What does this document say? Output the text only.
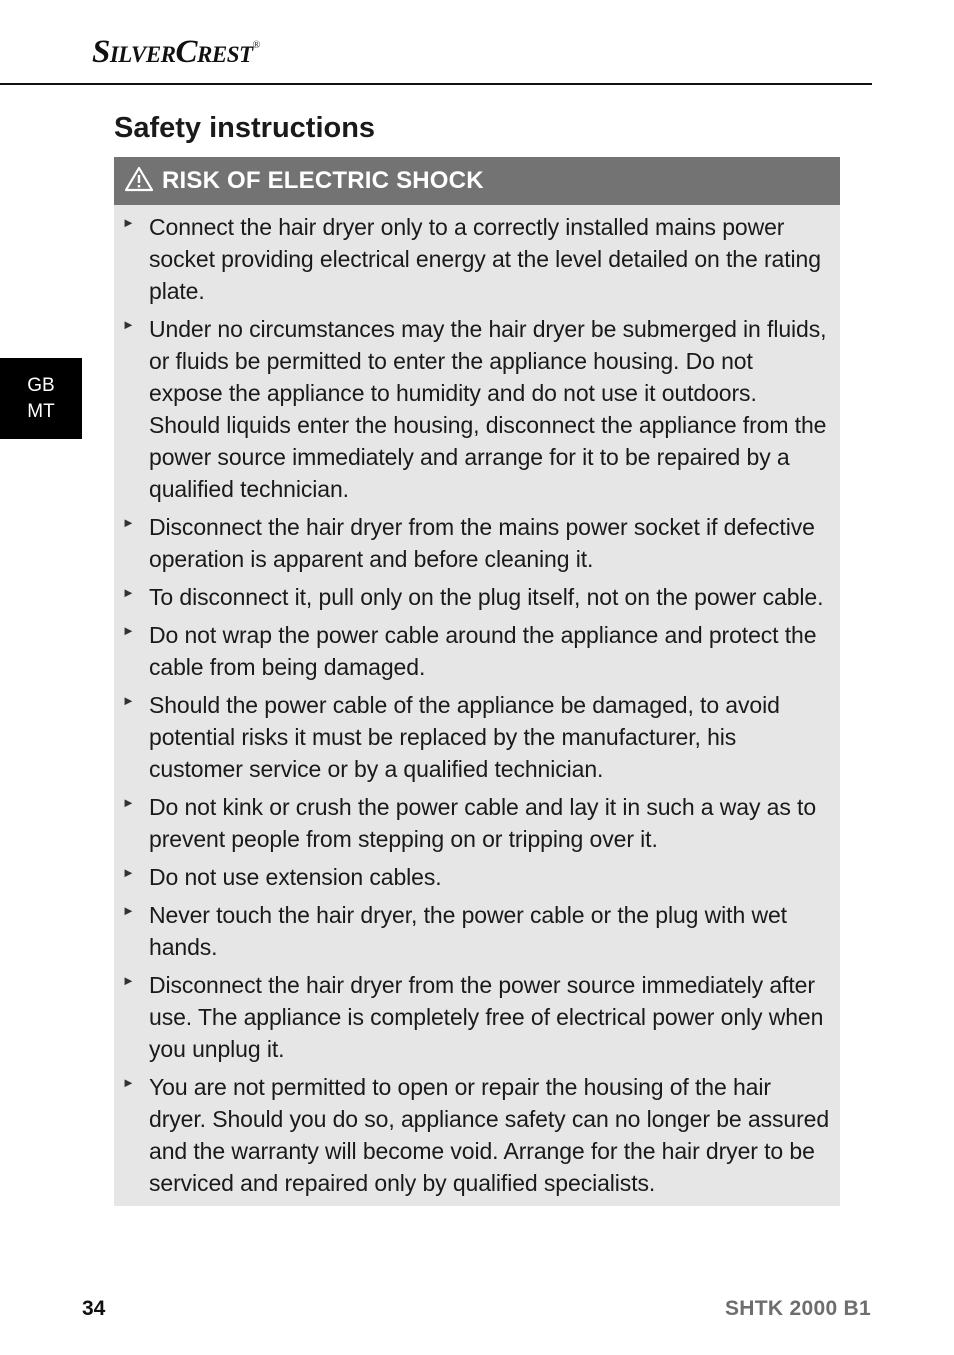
SilverCrest®
GB
MT
Safety instructions
RISK OF ELECTRIC SHOCK
► Connect the hair dryer only to a correctly installed mains power socket providing electrical energy at the level detailed on the rating plate.
► Under no circumstances may the hair dryer be submerged in fluids, or fluids be permitted to enter the appliance housing. Do not expose the appliance to humidity and do not use it outdoors. Should liquids enter the housing, disconnect the appliance from the power source immediately and arrange for it to be repaired by a qualified technician.
► Disconnect the hair dryer from the mains power socket if defective operation is apparent and before cleaning it.
► To disconnect it, pull only on the plug itself, not on the power cable.
► Do not wrap the power cable around the appliance and protect the cable from being damaged.
► Should the power cable of the appliance be damaged, to avoid potential risks it must be replaced by the manufacturer, his customer service or by a qualified technician.
► Do not kink or crush the power cable and lay it in such a way as to prevent people from stepping on or tripping over it.
► Do not use extension cables.
► Never touch the hair dryer, the power cable or the plug with wet hands.
► Disconnect the hair dryer from the power source immediately after use. The appliance is completely free of electrical power only when you unplug it.
► You are not permitted to open or repair the housing of the hair dryer. Should you do so, appliance safety can no longer be assured and the warranty will become void. Arrange for the hair dryer to be serviced and repaired only by qualified specialists.
34	SHTK 2000 B1
